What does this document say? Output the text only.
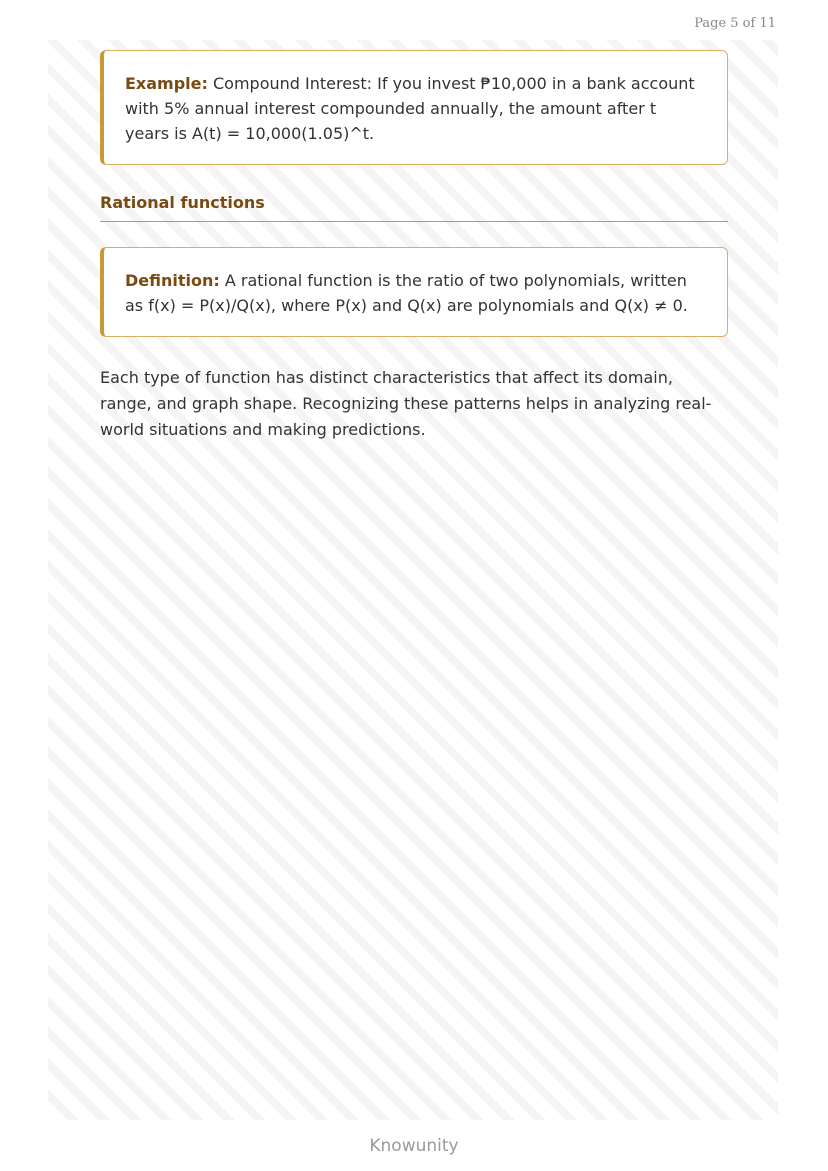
Page 5 of 11
Example: Compound Interest: If you invest ₱10,000 in a bank account with 5% annual interest compounded annually, the amount after t years is A(t) = 10,000(1.05)^t.
Rational functions
Definition: A rational function is the ratio of two polynomials, written as f(x) = P(x)/Q(x), where P(x) and Q(x) are polynomials and Q(x) ≠ 0.

Each type of function has distinct characteristics that affect its domain, range, and graph shape. Recognizing these patterns helps in analyzing real-world situations and making predictions.

Knowunity
